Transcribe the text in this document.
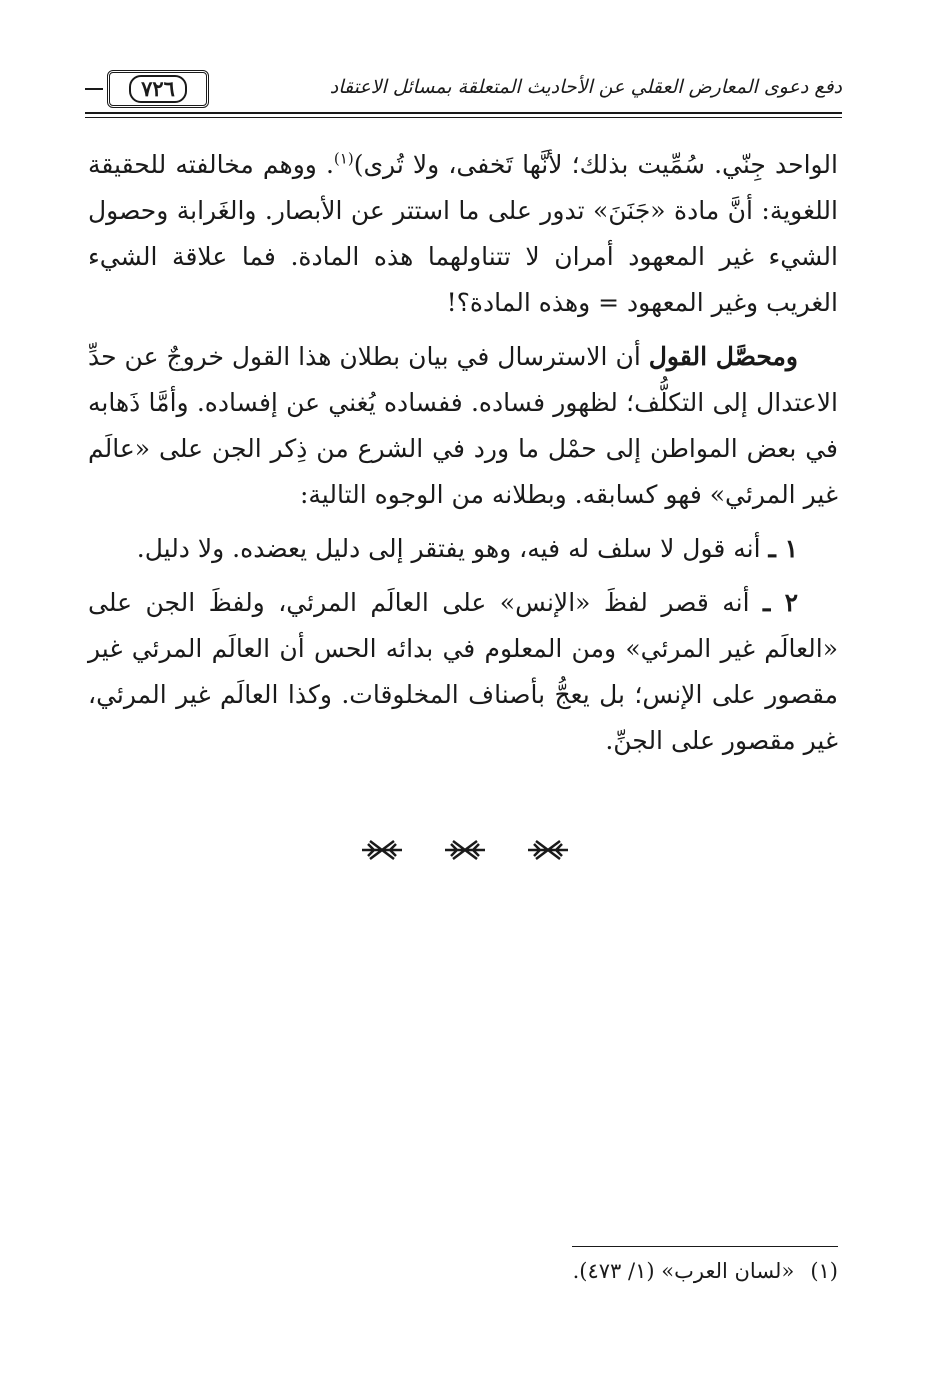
٧٢٦	دفع دعوى المعارض العقلي عن الأحاديث المتعلقة بمسائل الاعتقاد

الواحد جِنّي. سُمِّيت بذلك؛ لأنَّها تَخفى، ولا تُرى)$^{(١)}$. ووهم مخالفته للحقيقة اللغوية: أنَّ مادة «جَنَنَ» تدور على ما استتر عن الأبصار. والغَرابة وحصول الشيء غير المعهود أمران لا تتناولهما هذه المادة. فما علاقة الشيء الغريب وغير المعهود = وهذه المادة؟!

ومحصَّل القول أن الاسترسال في بيان بطلان هذا القول خروجٌ عن حدِّ الاعتدال إلى التكلُّف؛ لظهور فساده. ففساده يُغني عن إفساده. وأمَّا ذَهابه في بعض المواطن إلى حمْل ما ورد في الشرع من ذِكر الجن على «عالَم غير المرئي» فهو كسابقه. وبطلانه من الوجوه التالية:

١ ـ أنه قول لا سلف له فيه، وهو يفتقر إلى دليل يعضده. ولا دليل.

٢ ـ أنه قصر لفظَ «الإنس» على العالَم المرئي، ولفظَ الجن على «العالَم غير المرئي» ومن المعلوم في بدائه الحس أن العالَم المرئي غير مقصور على الإنس؛ بل يعجُّ بأصناف المخلوقات. وكذا العالَم غير المرئي، غير مقصور على الجنِّ.

(١)«لسان العرب» (١/ ٤٧٣).
